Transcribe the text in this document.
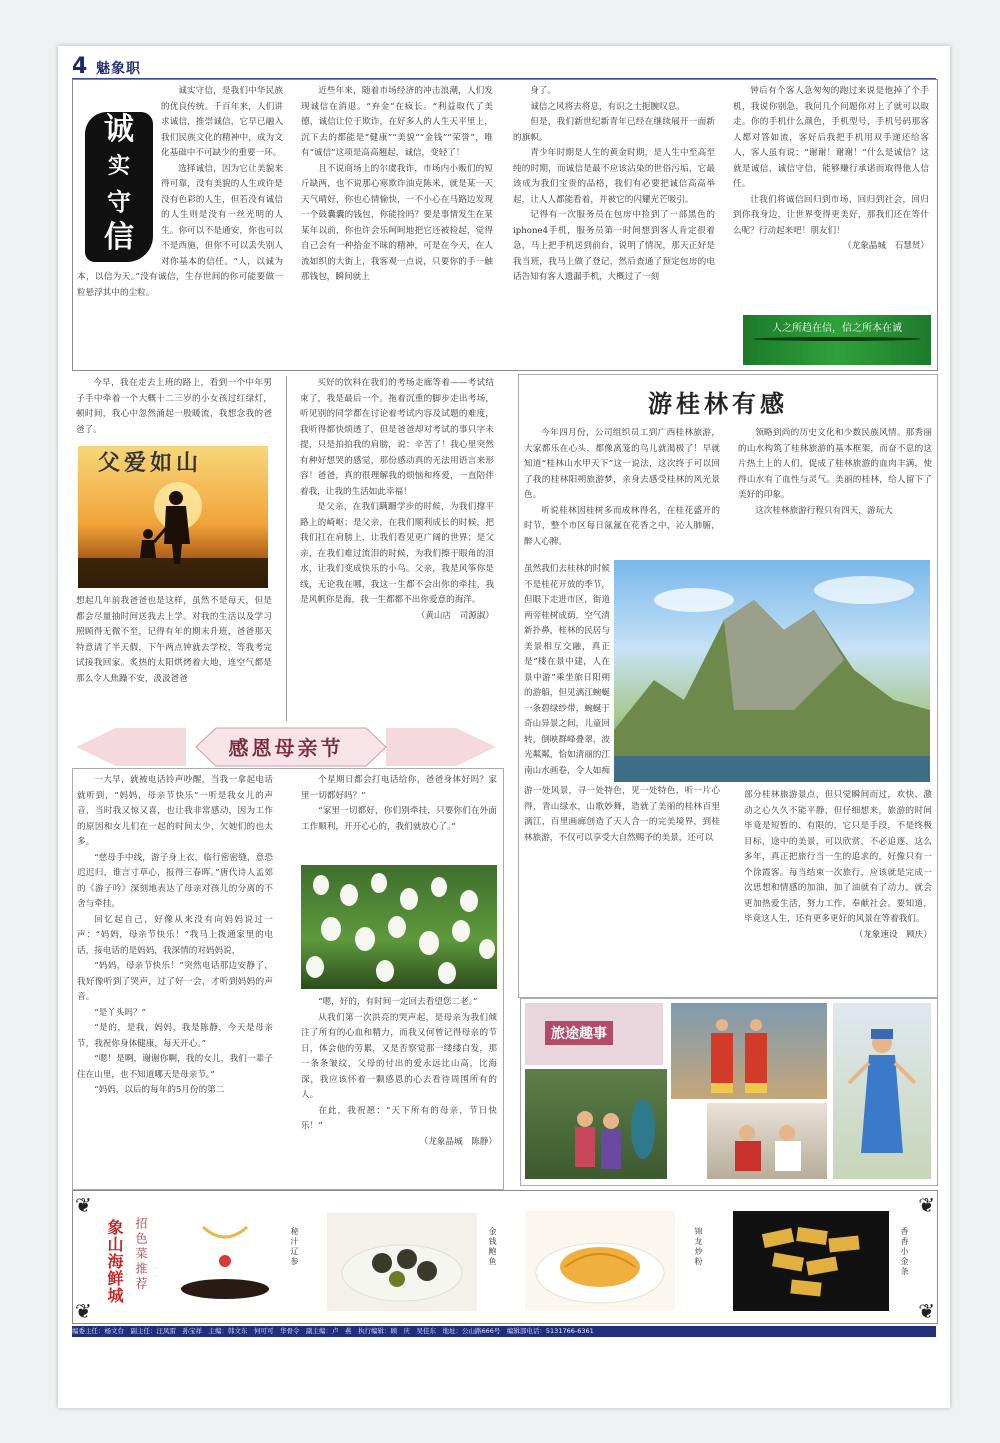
4 魅象职
诚
实
守
信

诚实守信，是我们中华民族的优良传统。千百年来，人们讲求诚信，推崇诚信，它早已融入我们民族文化的精神中，成为文化基础中不可缺少的重要一环。

选择诚信，因为它让美貌来得可靠，没有美貌的人生或许是没有色彩的人生，但若没有诚信的人生则是没有一丝光明的人生。你可以不是通安，你也可以不是西施，但你不可以丢失别人对你基本的信任。“人，以诚为本，以信为天。”没有诚信，生存世间的你可能要做一粒悬浮其中的尘粒。

近些年来，随着市场经济的冲击浪潮，人们发现诚信在消退。“弃金”在疯长。“利益取代了美德，诚信让位于欺诈，在好多人的人生天平里上，沉下去的都能是“健康”“美貌”“金钱”“荣誉”，唯有“诚信”这项是高高翘起，诚信，变轻了！

且不说商场上的尔虞我诈，市场内小贩们的短斤缺两，也不说那心寒欺诈油克陈米，就是某一天天气晴好，你也心情愉快，一不小心在马路边发现一个鼓囊囊的钱包，你能捡吗？要是事情发生在某某年以前，你也许会乐呵呵地把它还被检起，觉得自己会有一种拾金不昧的精神，可是在今天，在人流如织的大街上，我客观一点说，只要你的手一触那钱包，瞬间就上

身了。

诚信之风将去将息，有识之士扼腕叹息。

但是，我们新世纪新青年已经在继续展开一面新的旗帜。

青少年时期是人生的黄金时期，是人生中至高至纯的时期，而诚信是最不应该沾染的世俗污垢，它最该成为我们宝贵的品格，我们有必要把诚信高高举起，让人人都能看着，并被它的闪耀光芒吸引。

记得有一次服务员在包房中捡到了一部黑色的iphone4手机，服务员第一时间想到客人肯定很着急，马上把手机送到前台，说明了情况，那天正好是我当班，我马上做了登记，然后查通了预定包房的电话告知有客人遗漏手机，大概过了一刻

钟后有个客人急匆匆的跑过来说是他掉了个手机，我说你别急，我问几个问题你对上了就可以取走。你的手机什么颜色，手机型号，手机号码那客人都对答如流，客好后我把手机用双手递还给客人，客人虽有说：“谢谢！谢谢！”什么是诚信？这就是诚信，诚信守信，能够赚行承诺而取得他人信任。

让我们将诚信回归到市场，回归到社会，回归到你我身边，让世界变得更美好，那我们还在等什么呢？行动起来吧！朋友们！

（龙象晶城　石慧贤）
人之所趋在信，信之所本在诚

今早，我在走去上班的路上，看到一个中年男子手中牵着一个大概十二三岁的小女孩过红绿灯，顿时间，我心中忽然涌起一股暖流，我想念我的爸爸了。

父爱如山

想起几年前我爸爸也是这样，虽然不是每天，但是都会尽量抽时间送我去上学。对我的生活以及学习照顾得无微不至，记得有年的期末升班，爸爸那天特意请了半天假，下午两点钟就去学校，等我考完试接我回家。炙热的太阳烘烤着大地，连空气都是那么令人焦躁不安，汲汲爸爸

买好的饮料在我们的考场走廊等着——考试结束了，我是最后一个。拖着沉重的脚步走出考场，听见别的同学都在讨论着考试内容及试题的难度，我听得都快烦透了，但是爸爸却对考试的事只字未提，只是拍拍我的肩膀，说：辛苦了！我心里突然有种好想哭的感觉，那份感动真的无法用语言来形容！爸爸，真的很理解我的烦恼和疼爱，一直陪伴着我，让我的生活如此幸福！

是父亲，在我们蹒跚学步的时候，为我们撑平路上的崎岖；是父亲，在我们顺利成长的时候，把我们扛在肩膀上，让我们看见更广阔的世界；是父亲，在我们难过流泪的时候，为我们擦干眼角的泪水，让我们变成快乐的小鸟。父亲，我是风筝你是线，无论我在哪，我这一生都不会出你的牵挂，我是风帆你是海，我一生都都不出你爱意的海洋。

（黄山店　司源淑）
感恩母亲节

一大早，就被电话铃声吵醒，当我一拿起电话就听到，“妈妈，母亲节快乐”一听是我女儿的声音，当时我又惊又喜，也让我非常感动，因为工作的原因和女儿们在一起的时间太少，欠她们的也太多。

“慈母手中线，游子身上衣，临行密密缝，意恐迟迟归，谁言寸草心，报得三春晖。”唐代诗人孟郊的《游子吟》深刻地表达了母亲对孩儿的分离的不舍与牵挂。

回忆起自己，好像从来没有向妈妈说过一声：“妈妈，母亲节快乐！”我马上拨通家里的电话，接电话的是妈妈，我深情的对妈妈说，

“妈妈，母亲节快乐！”突然电话那边安静了，我好像听到了哭声，过了好一会，才听到妈妈的声音。

“是丫头吗？”

“是的，是我，妈妈，我是陈静，今天是母亲节，我祝你身体健康，每天开心。”

“嗯！是啊，谢谢你啊，我的女儿，我们一辈子住在山里，也不知道哪天是母亲节。”

“妈妈，以后的每年的5月份的第二

个星期日都会打电话给你，爸爸身体好吗？家里一切都好吗？”

“家里一切都好，你们别牵挂，只要你们在外面工作顺利，开开心心的，我们就放心了。”

“嗯，好的，有时间一定回去看望您二老。”

从我们第一次洪亮的哭声起，是母亲为我们倾注了所有的心血和精力，而我又何曾记得母亲的节日，体会他的劳累，又是否察觉那一缕缕白发，那一条条皱纹，父母的付出的爱永远比山高，比海深，我应该怀着一颗感恩的心去看待周围所有的人。

在此，我祝愿：“天下所有的母亲，节日快乐！”

（龙象晶城　陈静）
游桂林有感

今年四月份，公司组织员工到广西桂林旅游，大家都乐在心头，都像离笼的鸟儿就渴极了！早就知道“桂林山水甲天下”这一说法，这次终于可以回了我的桂林阳朔旅游梦，亲身去感受桂林的风光景色。

听说桂林因桂树多而成林得名，在桂花盛开的时节，整个市区每日氤氲在花香之中，沁人肺腑，醉人心脾。

虽然我们去桂林的时候不是桂花开放的季节，但眼下走进市区，街道两旁桂树成荫，空气清新扑鼻，桂林的民居与美景相互交融，真正是“楼在景中建，人在景中游”乘坐旅日阳朔的游船，但见漓江蜿蜒一条碧绿纱带，蜿蜒于奇山异景之间，儿童回转，倒映群峰叠翠，波光粼粼，恰如清丽的江南山水画卷，令人如痴

领略到尚的历史文化和少数民族风情。那秀丽的山水构筑了桂林旅游的基本框架，而奋不息的这片热土上的人们，促成了桂林旅游的血肉丰满，使得山水有了血性与灵气。美丽的桂林，给人留下了美好的印象。

这次桂林旅游行程只有四天，游玩大

游一处风景，寻一处特色，见一处特色，听一片心得，青山绿水，山歌妙舞，造就了美丽的桂林百里漓江，百里画廊创造了天人合一的完美境界，到桂林旅游，不仅可以享受大自然赐予的美景，还可以

部分桂林旅游景点，但只觉瞬间而过，欢快、激动之心久久不能平静，但仔细想来，旅游的时间毕竟是短暂的、有限的，它只是手段，不是终极目标，途中的美景，可以欣赏，不必追逐，这么多年，真正把旅行当一生的追求的，好像只有一个徐霞客。每当结束一次旅行，应该就是完成一次思想和情感的加油，加了油就有了动力，就会更加热爱生活，努力工作，奉献社会。要知道，毕竟这人生，还有更多更好的风景在等着我们。

（龙象速设　顾庆）
旅途趣事
❦
❦
❦
❦
象山海鲜城 招色菜推荐	秘汁辽参	金钱鲍鱼	锦龙炒粉	香香小金条
编委主任：杨文台　副主任：汪凤雷　孙宝祥　主编：韩文东　何可可　华骨令　副主编：卢　燕　执行编辑：顾　庆　吴佳东　地址：公山路666号　编辑部电话：5131766-6361
